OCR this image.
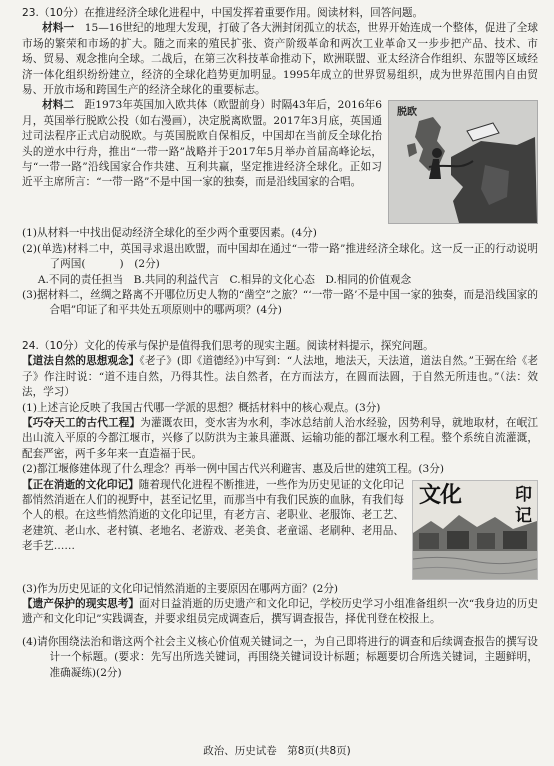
23.（10分）在推进经济全球化进程中，中国发挥着重要作用。阅读材料，回答问题。

材料一　 15—16世纪的地理大发现，打破了各大洲封闭孤立的状态，世界开始连成一个整体，促进了全球市场的繁荣和市场的扩大。随之而来的殖民扩张、资产阶级革命和两次工业革命又一步步把产品、技术、市场、贸易、观念推向全球。二战后，在第三次科技革命推动下，欧洲联盟、亚太经济合作组织、东盟等区域经济一体化组织纷纷建立，经济的全球化趋势更加明显。1995年成立的世界贸易组织，成为世界范围内自由贸易、开放市场和跨国生产的经济全球化的重要标志。

脱欧

材料二　 距1973年英国加入欧共体（欧盟前身）时隔43年后，2016年6月，英国举行脱欧公投（如右漫画），决定脱离欧盟。2017年3月底，英国通过司法程序正式启动脱欧。与英国脱欧自保相反，中国却在当前反全球化抬头的逆水中行舟，推出“一带一路”战略并于2017年5月举办首届高峰论坛，与“一带一路”沿线国家合作共建、互利共赢，坚定推进经济全球化。正如习近平主席所言：“一带一路”不是中国一家的独奏，而是沿线国家的合唱。

(1)从材料一中找出促动经济全球化的至少两个重要因素。(4分)

(2)(单选)材料二中，英国寻求退出欧盟，而中国却在通过“一带一路”推进经济全球化。这一反一正的行动说明了两国(	)　(2分)

A.不同的责任担当　B.共同的利益代言　C.相异的文化心态　D.相同的价值观念

(3)据材料二，丝绸之路离不开哪位历史人物的“凿空”之旅？“‘一带一路’不是中国一家的独奏，而是沿线国家的合唱”印证了和平共处五项原则中的哪两项？(4分)

24.（10分）文化的传承与保护是值得我们思考的现实主题。阅读材料提示，探究问题。

【道法自然的思想观念】《老子》(即《道德经》)中写到：“人法地，地法天，天法道，道法自然。”王弼在给《老子》作注时说：“道不违自然，乃得其性。法自然者，在方而法方，在圆而法圆，于自然无所违也。”（法：效法，学习）

(1)上述言论反映了我国古代哪一学派的思想？概括材料中的核心观点。(3分)

【巧夺天工的古代工程】为灌溉农田，变水害为水利，李冰总结前人治水经验，因势利导，就地取材，在岷江出山流入平原的今都江堰市，兴修了以防洪为主兼具灌溉、运输功能的都江堰水利工程。整个系统自流灌溉，配套严密，两千多年来一直造福于民。

(2)都江堰修建体现了什么理念？再举一例中国古代兴利避害、惠及后世的建筑工程。(3分)

文化	印记

【正在消逝的文化印记】随着现代化进程不断推进，一些作为历史见证的文化印记都悄然消逝在人们的视野中，甚至记忆里，而那当中有我们民族的血脉，有我们每个人的根。在这些悄然消逝的文化印记里，有老方言、老职业、老服饰、老工艺、老建筑、老山水、老村镇、老地名、老游戏、老美食、老童谣、老刷种、老用品、老手艺……

(3)作为历史见证的文化印记悄然消逝的主要原因在哪两方面？(2分)

【遗产保护的现实思考】面对日益消逝的历史遗产和文化印记，学校历史学习小组准备组织一次“我身边的历史遗产和文化印记”实践调查，并要求组员完成调查后，撰写调查报告，择优刊登在校报上。

(4)请你围绕法治和谐这两个社会主义核心价值观关键词之一，为自己即将进行的调查和后续调查报告的撰写设计一个标题。(要求：先写出所选关键词，再围绕关键词设计标题；标题要切合所选关键词，主题鲜明，准确凝练)(2分)

政治、历史试卷　第8页(共8页)
